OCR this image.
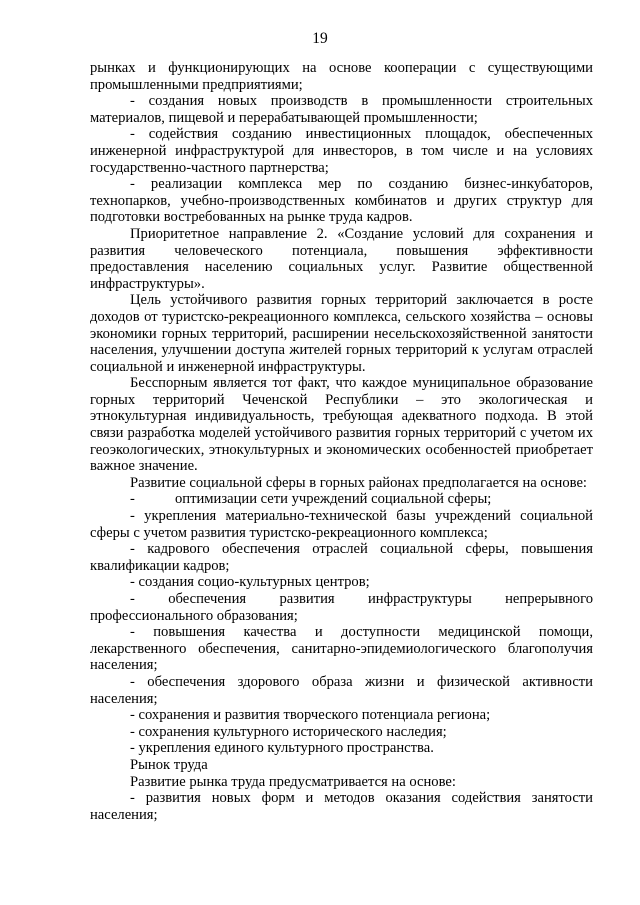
19

рынках и функционирующих на основе кооперации с существующими промышленными предприятиями;

- создания новых производств в промышленности строительных материалов, пищевой и перерабатывающей промышленности;

- содействия созданию инвестиционных площадок, обеспеченных инженерной инфраструктурой для инвесторов, в том числе и на условиях государственно-частного партнерства;

- реализации комплекса мер по созданию бизнес-инкубаторов, технопарков, учебно-производственных комбинатов и других структур для подготовки востребованных на рынке труда кадров.

Приоритетное направление 2. «Создание условий для сохранения и развития человеческого потенциала, повышения эффективности предоставления населению социальных услуг. Развитие общественной инфраструктуры».

Цель устойчивого развития горных территорий заключается в росте доходов от туристско-рекреационного комплекса, сельского хозяйства – основы экономики горных территорий, расширении несельскохозяйственной занятости населения, улучшении доступа жителей горных территорий к услугам отраслей социальной и инженерной инфраструктуры.

Бесспорным является тот факт, что каждое муниципальное образование горных территорий Чеченской Республики – это экологическая и этнокультурная индивидуальность, требующая адекватного подхода. В этой связи разработка моделей устойчивого развития горных территорий с учетом их геоэкологических, этнокультурных и экономических особенностей приобретает важное значение.

Развитие социальной сферы в горных районах предполагается на основе:

-           оптимизации сети учреждений социальной сферы;

- укрепления материально-технической базы учреждений социальной сферы с учетом развития туристско-рекреационного комплекса;

- кадрового обеспечения отраслей социальной сферы, повышения квалификации кадров;

- создания социо-культурных центров;

- обеспечения развития инфраструктуры непрерывного профессионального образования;

- повышения качества и доступности медицинской помощи, лекарственного обеспечения, санитарно-эпидемиологического благополучия населения;

- обеспечения здорового образа жизни и физической активности населения;

- сохранения и развития творческого потенциала региона;

- сохранения культурного исторического наследия;

- укрепления единого культурного пространства.

Рынок труда

Развитие рынка труда предусматривается на основе:

- развития новых форм и методов оказания содействия занятости населения;
